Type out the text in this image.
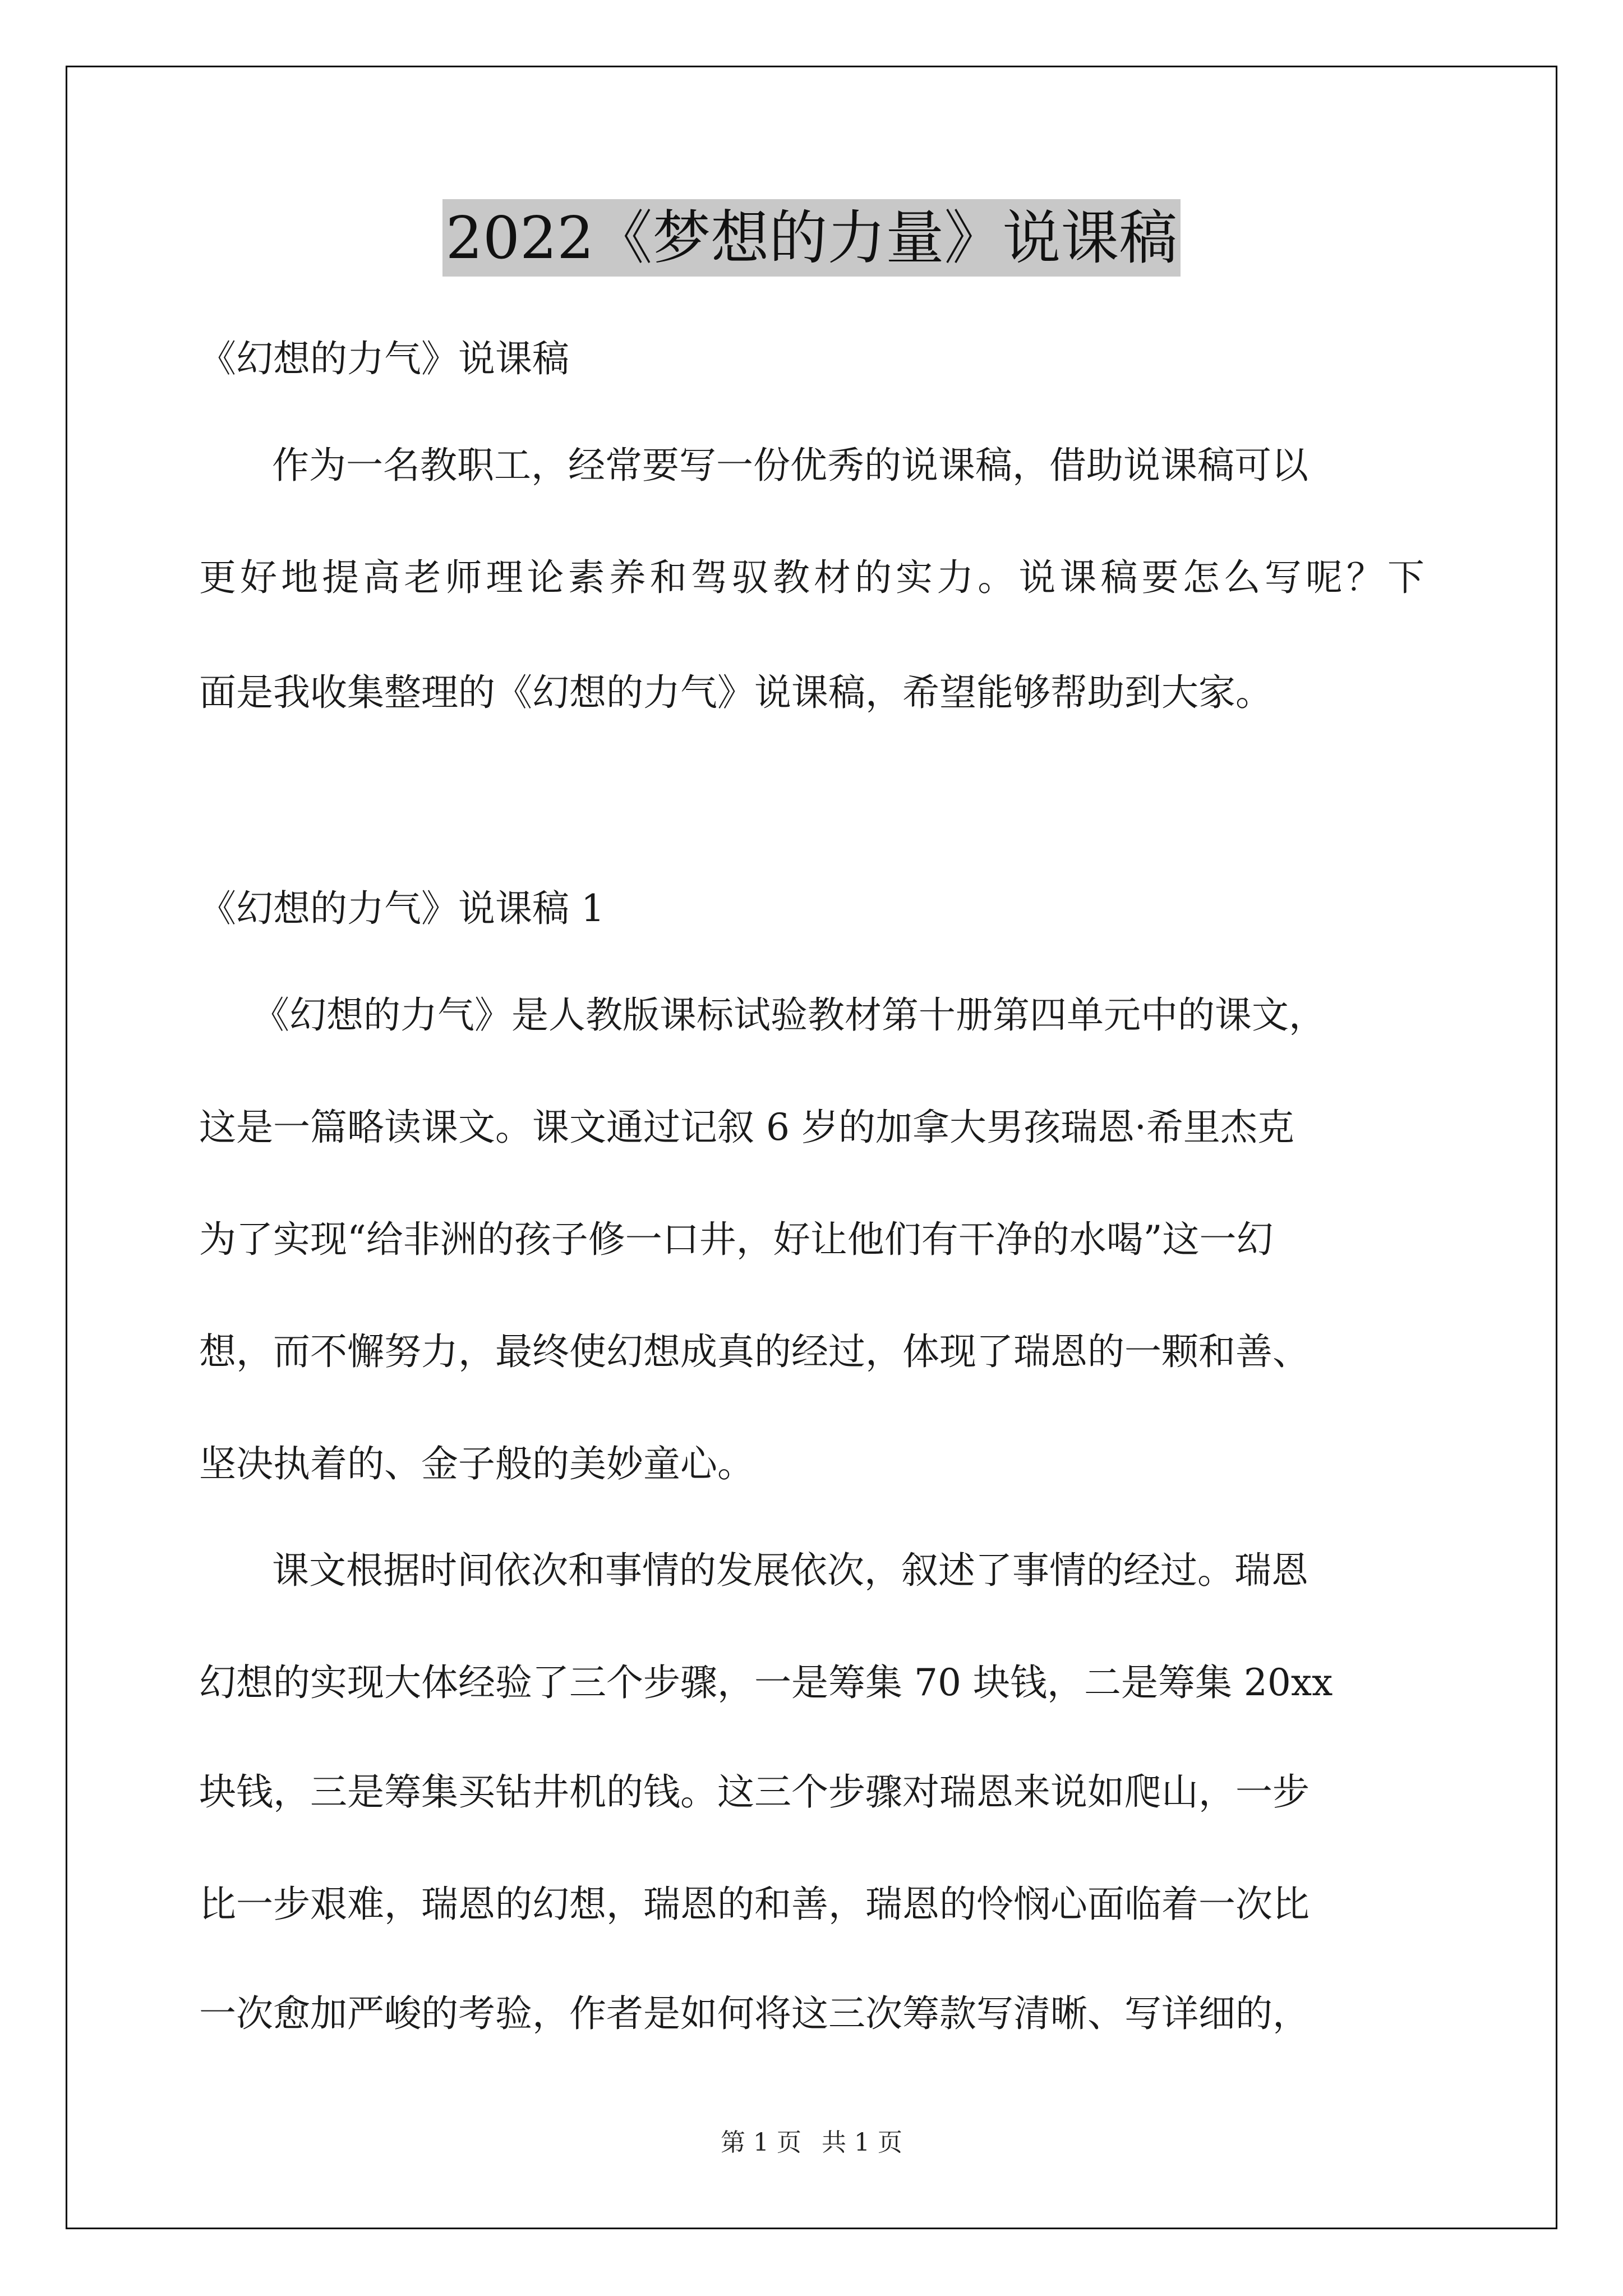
2022《梦想的力量》说课稿
《幻想的力气》说课稿
作为一名教职工，经常要写一份优秀的说课稿，借助说课稿可以
更好地提高老师理论素养和驾驭教材的实力。说课稿要怎么写呢？下
面是我收集整理的《幻想的力气》说课稿，希望能够帮助到大家。
《幻想的力气》说课稿 1
《幻想的力气》是人教版课标试验教材第十册第四单元中的课文，
这是一篇略读课文。课文通过记叙 6 岁的加拿大男孩瑞恩·希里杰克
为了实现“给非洲的孩子修一口井，好让他们有干净的水喝”这一幻
想，而不懈努力，最终使幻想成真的经过，体现了瑞恩的一颗和善、
坚决执着的、金子般的美妙童心。
课文根据时间依次和事情的发展依次，叙述了事情的经过。瑞恩
幻想的实现大体经验了三个步骤，一是筹集 70 块钱，二是筹集 20xx
块钱，三是筹集买钻井机的钱。这三个步骤对瑞恩来说如爬山，一步
比一步艰难，瑞恩的幻想，瑞恩的和善，瑞恩的怜悯心面临着一次比
一次愈加严峻的考验，作者是如何将这三次筹款写清晰、写详细的，
第 1 页 共 1 页
